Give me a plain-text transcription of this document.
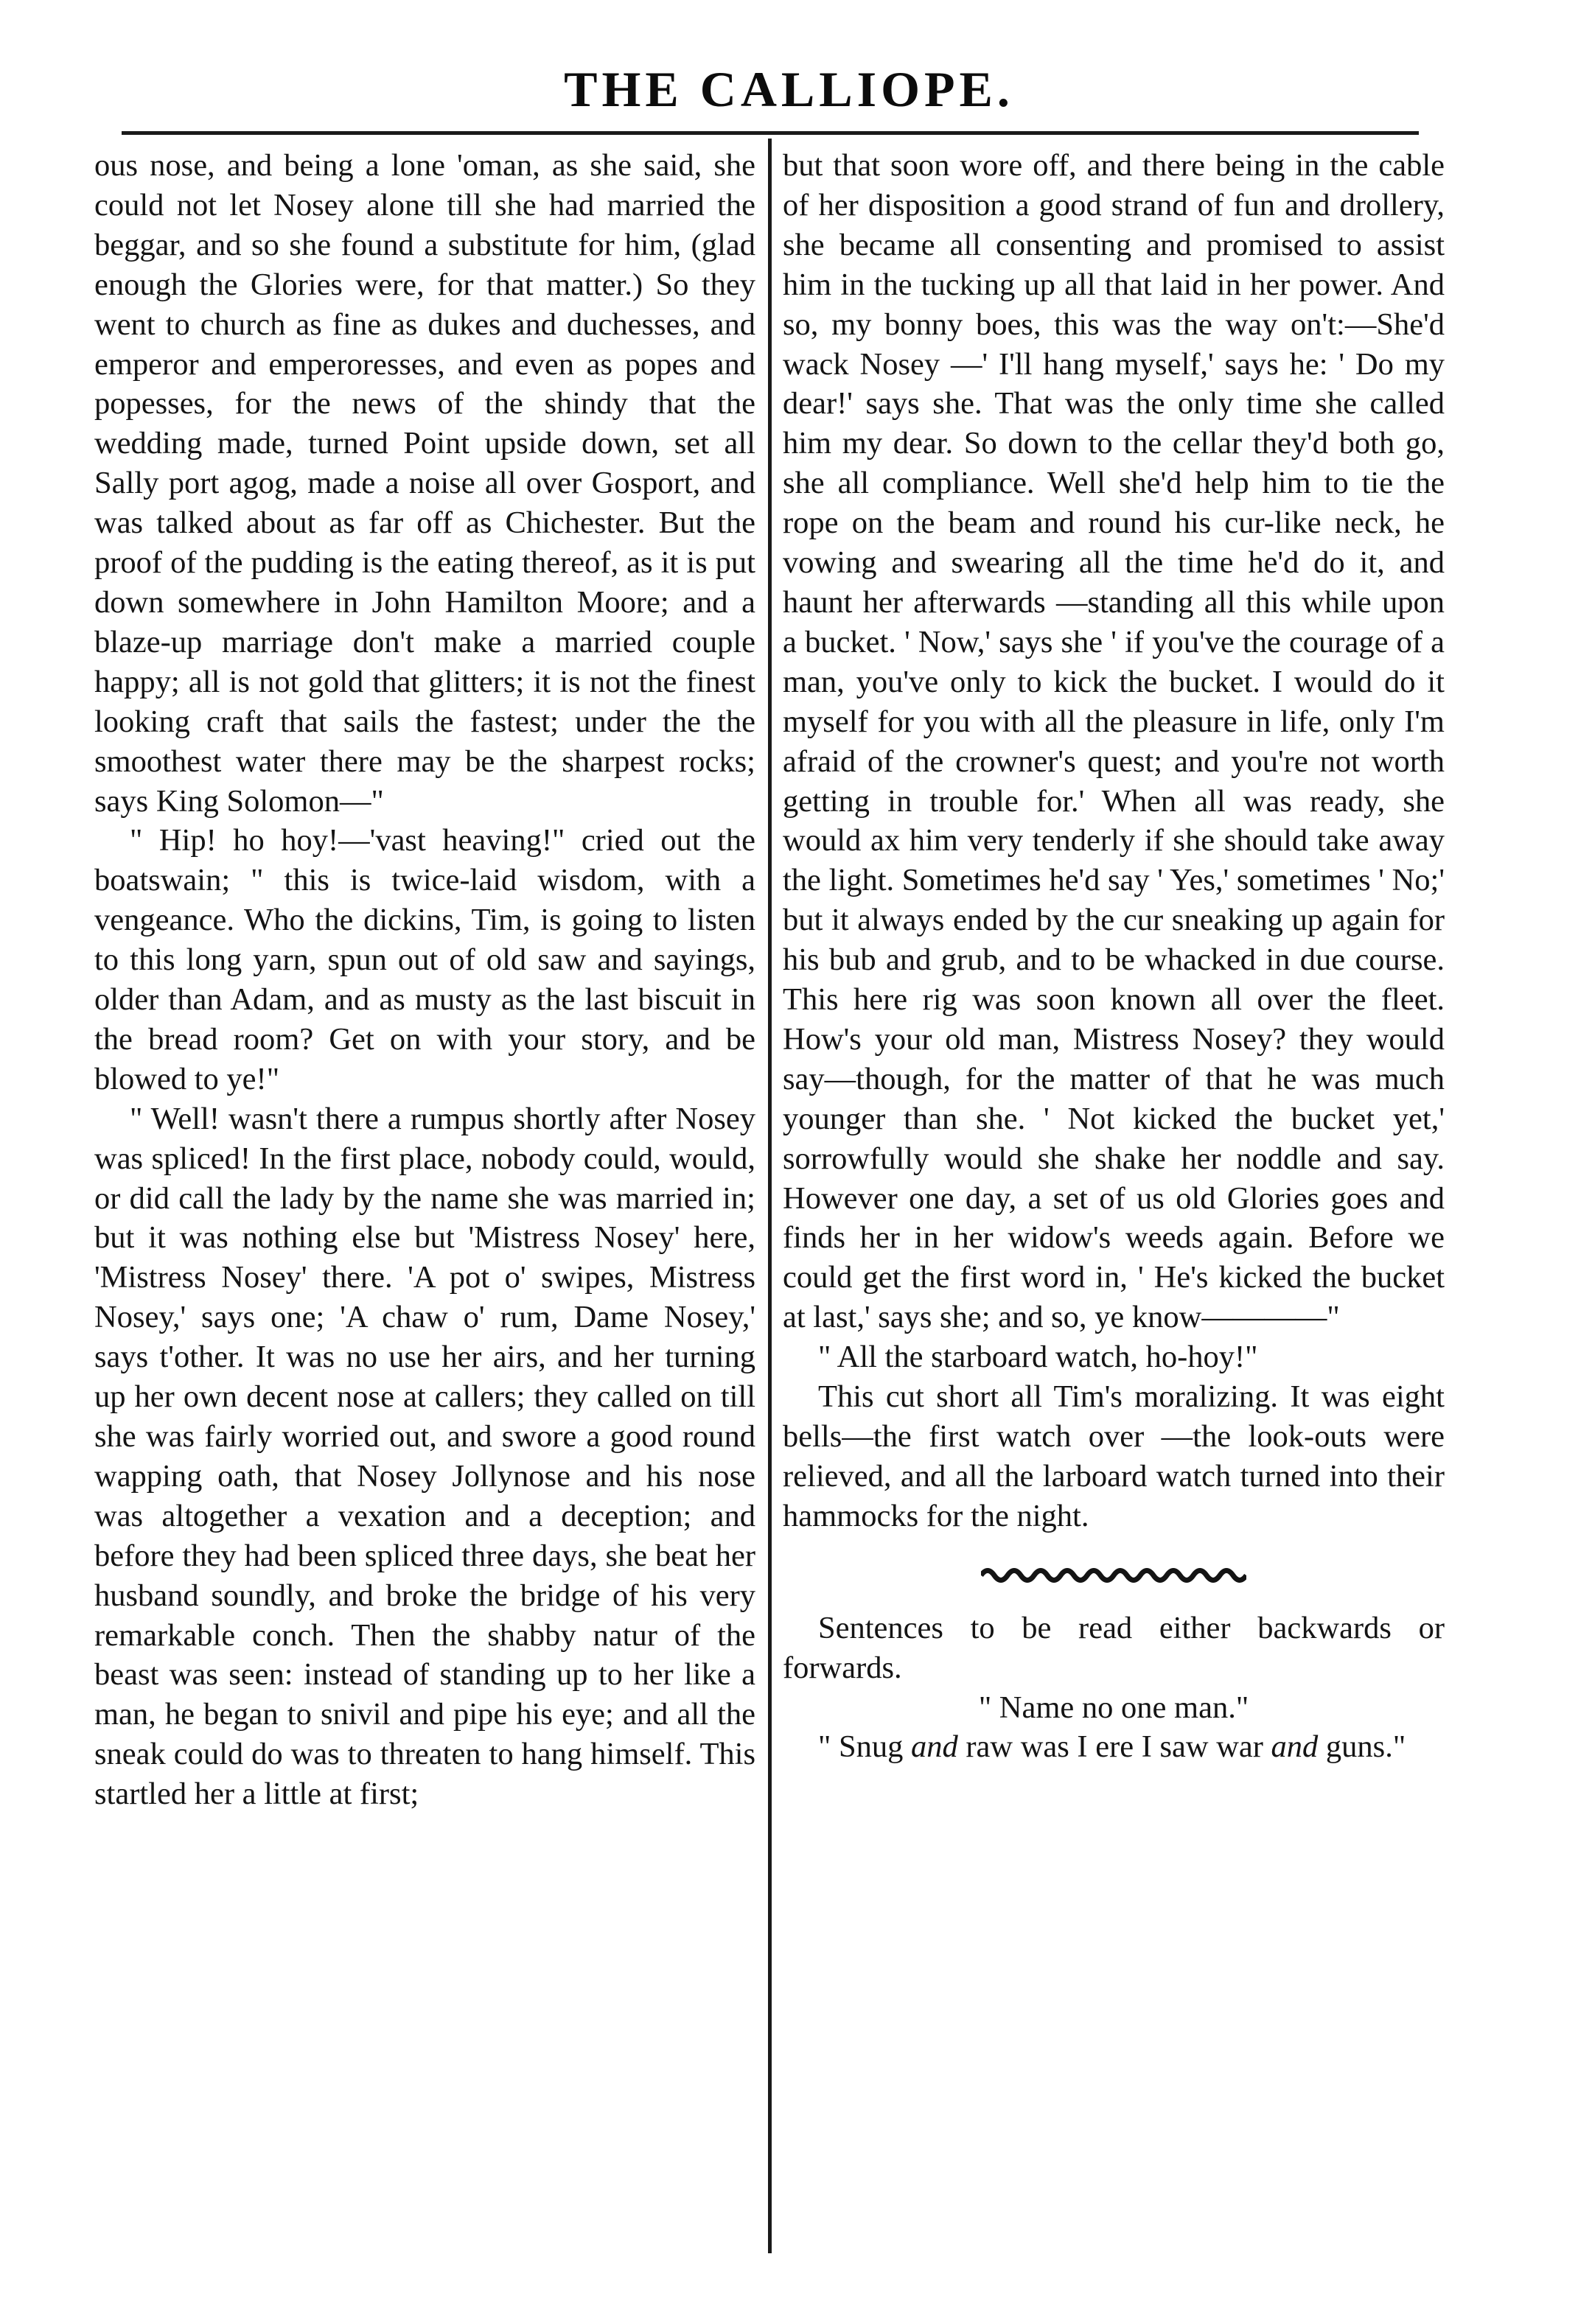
THE CALLIOPE.

ous nose, and being a lone 'oman, as she said, she could not let Nosey alone till she had married the beggar, and so she found a substitute for him, (glad enough the Glories were, for that matter.) So they went to church as fine as dukes and duchesses, and emperor and emperoresses, and even as popes and popesses, for the news of the shindy that the wedding made, turned Point upside down, set all Sally port agog, made a noise all over Gosport, and was talked about as far off as Chichester. But the proof of the pudding is the eating thereof, as it is put down somewhere in John Hamilton Moore; and a blaze-up marriage don't make a married couple happy; all is not gold that glitters; it is not the finest looking craft that sails the fastest; under the the smoothest water there may be the sharpest rocks; says King Solomon—"

" Hip! ho hoy!—'vast heaving!" cried out the boatswain; " this is twice-laid wisdom, with a vengeance. Who the dickins, Tim, is going to listen to this long yarn, spun out of old saw and sayings, older than Adam, and as musty as the last biscuit in the bread room? Get on with your story, and be blowed to ye!"

" Well! wasn't there a rumpus shortly after Nosey was spliced! In the first place, nobody could, would, or did call the lady by the name she was married in; but it was nothing else but 'Mistress Nosey' here, 'Mistress Nosey' there. 'A pot o' swipes, Mistress Nosey,' says one; 'A chaw o' rum, Dame Nosey,' says t'other. It was no use her airs, and her turning up her own decent nose at callers; they called on till she was fairly worried out, and swore a good round wapping oath, that Nosey Jollynose and his nose was altogether a vexation and a deception; and before they had been spliced three days, she beat her husband soundly, and broke the bridge of his very remarkable conch. Then the shabby natur of the beast was seen: instead of standing up to her like a man, he began to snivil and pipe his eye; and all the sneak could do was to threaten to hang himself. This startled her a little at first;

but that soon wore off, and there being in the cable of her disposition a good strand of fun and drollery, she became all consenting and promised to assist him in the tucking up all that laid in her power. And so, my bonny boes, this was the way on't:—She'd wack Nosey —' I'll hang myself,' says he: ' Do my dear!' says she. That was the only time she called him my dear. So down to the cellar they'd both go, she all compliance. Well she'd help him to tie the rope on the beam and round his cur-like neck, he vowing and swearing all the time he'd do it, and haunt her afterwards —standing all this while upon a bucket. ' Now,' says she ' if you've the courage of a man, you've only to kick the bucket. I would do it myself for you with all the pleasure in life, only I'm afraid of the crowner's quest; and you're not worth getting in trouble for.' When all was ready, she would ax him very tenderly if she should take away the light. Sometimes he'd say ' Yes,' sometimes ' No;' but it always ended by the cur sneaking up again for his bub and grub, and to be whacked in due course. This here rig was soon known all over the fleet. How's your old man, Mistress Nosey? they would say—though, for the matter of that he was much younger than she. ' Not kicked the bucket yet,' sorrowfully would she shake her noddle and say. However one day, a set of us old Glories goes and finds her in her widow's weeds again. Before we could get the first word in, ' He's kicked the bucket at last,' says she; and so, ye know————"

" All the starboard watch, ho-hoy!"

This cut short all Tim's moralizing. It was eight bells—the first watch over —the look-outs were relieved, and all the larboard watch turned into their hammocks for the night.

Sentences to be read either backwards or forwards.

" Name no one man."

" Snug and raw was I ere I saw war and guns."
